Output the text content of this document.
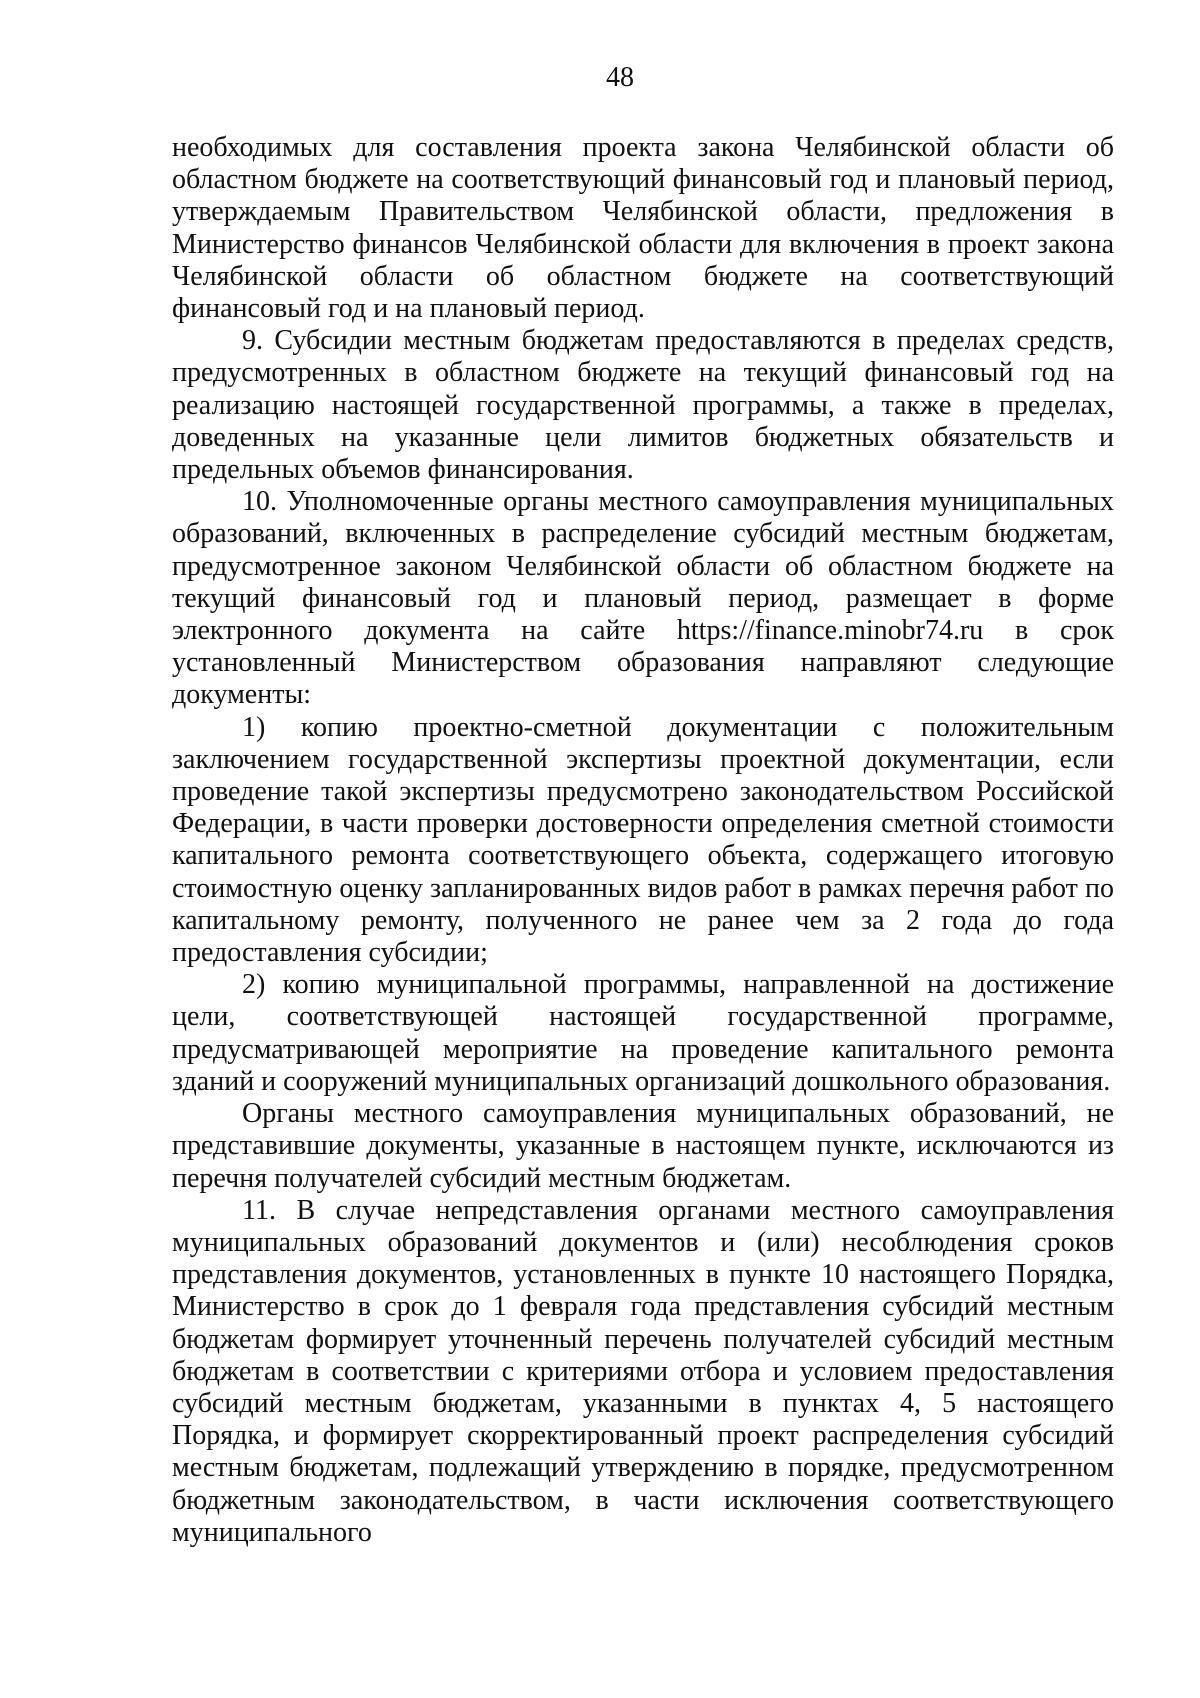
48

необходимых для составления проекта закона Челябинской области об областном бюджете на соответствующий финансовый год и плановый период, утверждаемым Правительством Челябинской области, предложения в Министерство финансов Челябинской области для включения в проект закона Челябинской области об областном бюджете на соответствующий финансовый год и на плановый период.

9. Субсидии местным бюджетам предоставляются в пределах средств, предусмотренных в областном бюджете на текущий финансовый год на реализацию настоящей государственной программы, а также в пределах, доведенных на указанные цели лимитов бюджетных обязательств и предельных объемов финансирования.

10. Уполномоченные органы местного самоуправления муниципальных образований, включенных в распределение субсидий местным бюджетам, предусмотренное законом Челябинской области об областном бюджете на текущий финансовый год и плановый период, размещает в форме электронного документа на сайте https://finance.minobr74.ru в срок установленный Министерством образования направляют следующие документы:

1) копию проектно-сметной документации с положительным заключением государственной экспертизы проектной документации, если проведение такой экспертизы предусмотрено законодательством Российской Федерации, в части проверки достоверности определения сметной стоимости капитального ремонта соответствующего объекта, содержащего итоговую стоимостную оценку запланированных видов работ в рамках перечня работ по капитальному ремонту, полученного не ранее чем за 2 года до года предоставления субсидии;

2) копию муниципальной программы, направленной на достижение цели, соответствующей настоящей государственной программе, предусматривающей мероприятие на проведение капитального ремонта зданий и сооружений муниципальных организаций дошкольного образования.

Органы местного самоуправления муниципальных образований, не представившие документы, указанные в настоящем пункте, исключаются из перечня получателей субсидий местным бюджетам.

11. В случае непредставления органами местного самоуправления муниципальных образований документов и (или) несоблюдения сроков представления документов, установленных в пункте 10 настоящего Порядка, Министерство в срок до 1 февраля года представления субсидий местным бюджетам формирует уточненный перечень получателей субсидий местным бюджетам в соответствии с критериями отбора и условием предоставления субсидий местным бюджетам, указанными в пунктах 4, 5 настоящего Порядка, и формирует скорректированный проект распределения субсидий местным бюджетам, подлежащий утверждению в порядке, предусмотренном бюджетным законодательством, в части исключения соответствующего муниципального
